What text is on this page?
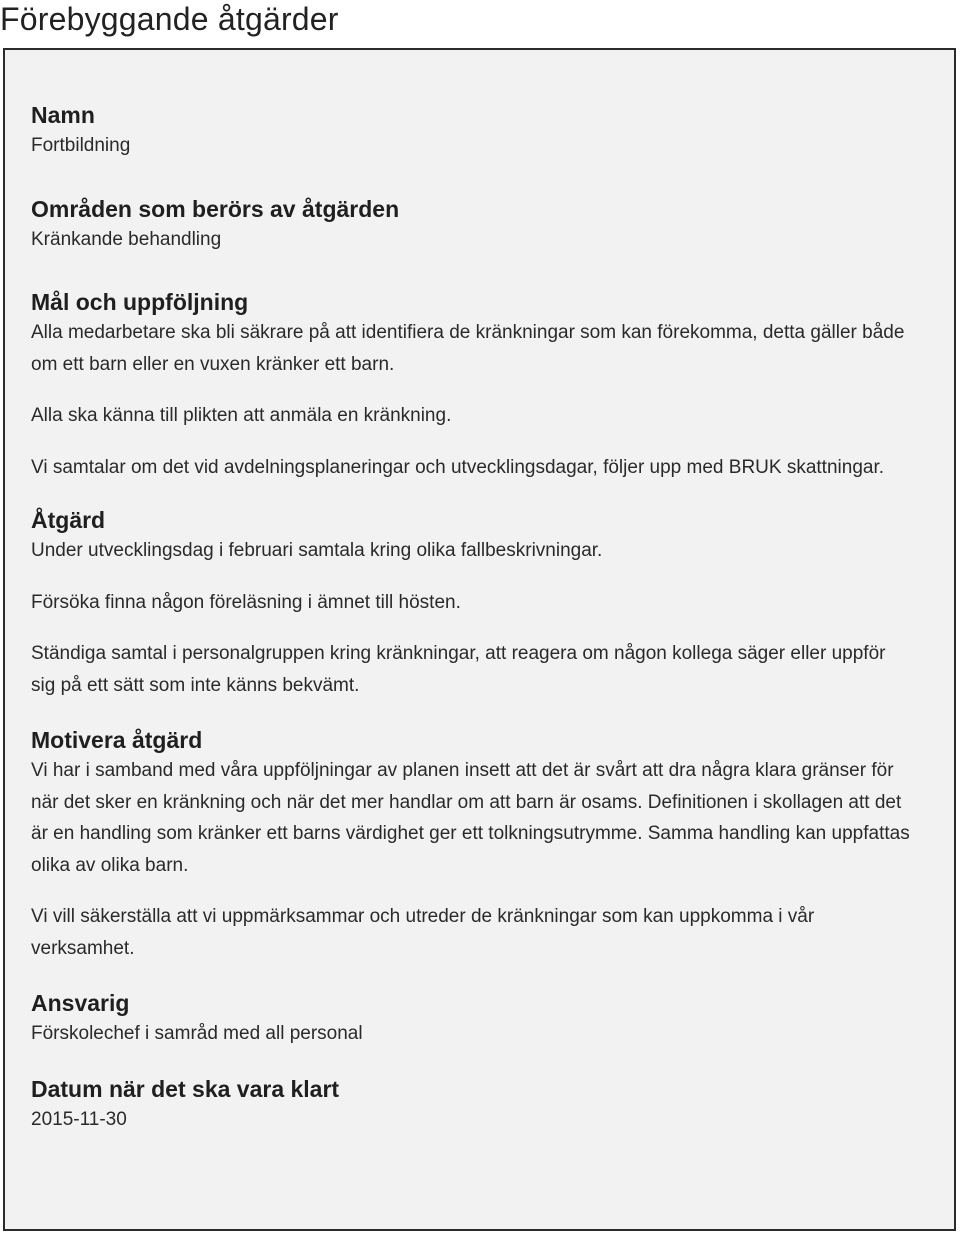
Förebyggande åtgärder
Namn

Fortbildning

Områden som berörs av åtgärden

Kränkande behandling

Mål och uppföljning

Alla medarbetare ska bli säkrare på att identifiera de kränkningar som kan förekomma, detta gäller både om ett barn eller en vuxen kränker ett barn.

Alla ska känna till plikten att anmäla en kränkning.

Vi samtalar om det vid avdelningsplaneringar och utvecklingsdagar, följer upp med BRUK skattningar.

Åtgärd

Under utvecklingsdag i februari samtala kring olika fallbeskrivningar.

Försöka finna någon föreläsning i ämnet till hösten.

Ständiga samtal i personalgruppen kring kränkningar, att reagera om någon kollega säger eller uppför sig på ett sätt som inte känns bekvämt.

Motivera åtgärd

Vi har i samband med våra uppföljningar av planen insett att det är svårt att dra några klara gränser för när det sker en kränkning och när det mer handlar om att barn är osams. Definitionen i skollagen att det är en handling som kränker ett barns värdighet ger ett tolkningsutrymme. Samma handling kan uppfattas olika av olika barn.

Vi vill säkerställa att vi uppmärksammar och utreder de kränkningar som kan uppkomma i vår verksamhet.

Ansvarig

Förskolechef i samråd med all personal

Datum när det ska vara klart

2015-11-30
